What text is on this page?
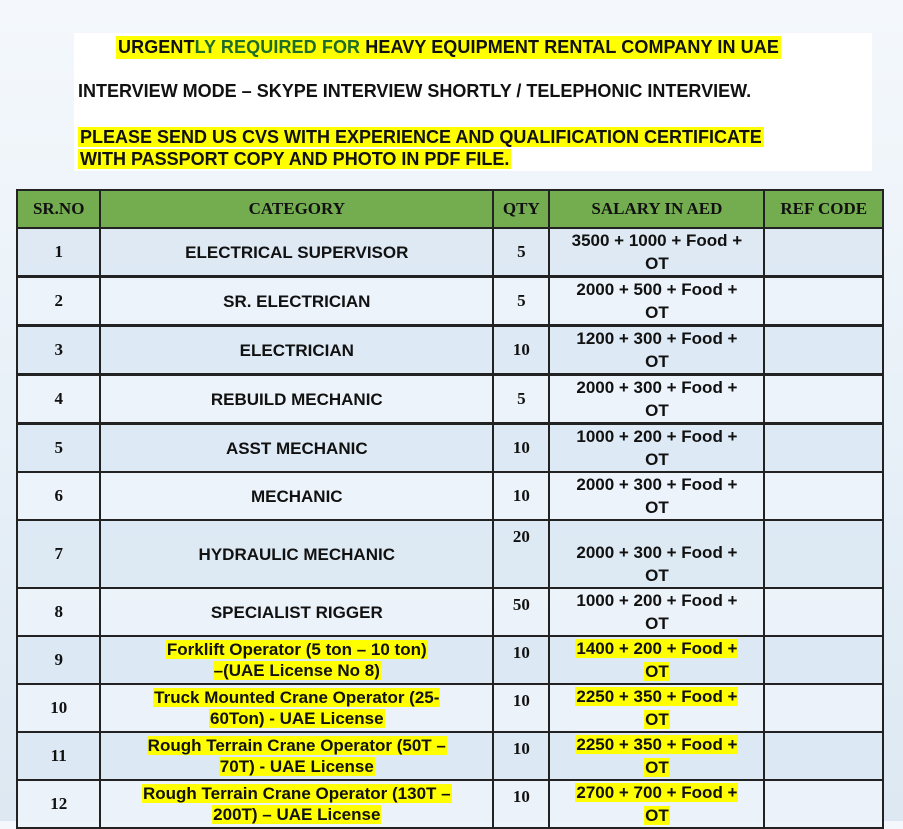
URGENTLY REQUIRED FOR HEAVY EQUIPMENT RENTAL COMPANY IN UAE
INTERVIEW MODE – SKYPE INTERVIEW SHORTLY / TELEPHONIC INTERVIEW.
PLEASE SEND US CVS WITH EXPERIENCE AND QUALIFICATION CERTIFICATE
WITH PASSPORT COPY AND PHOTO IN PDF FILE.
SR.NO	CATEGORY	QTY	SALARY IN AED	REF CODE
1	ELECTRICAL SUPERVISOR	5	3500 + 1000 + Food +
OT	
2	SR. ELECTRICIAN	5	2000 + 500 + Food +
OT	
3	ELECTRICIAN	10	1200 + 300 + Food +
OT	
4	REBUILD MECHANIC	5	2000 + 300 + Food +
OT	
5	ASST MECHANIC	10	1000 + 200 + Food +
OT	
6	MECHANIC	10	2000 + 300 + Food +
OT	
7	HYDRAULIC MECHANIC	20	2000 + 300 + Food +
OT	
8	SPECIALIST RIGGER	50	1000 + 200 + Food +
OT	
9	Forklift Operator (5 ton – 10 ton)
–(UAE License No 8)	10	1400 + 200 + Food +
OT	
10	Truck Mounted Crane Operator (25-
60Ton) - UAE License	10	2250 + 350 + Food +
OT	
11	Rough Terrain Crane Operator (50T –
70T) - UAE License	10	2250 + 350 + Food +
OT	
12	Rough Terrain Crane Operator (130T –
200T) – UAE License	10	2700 + 700 + Food +
OT	
